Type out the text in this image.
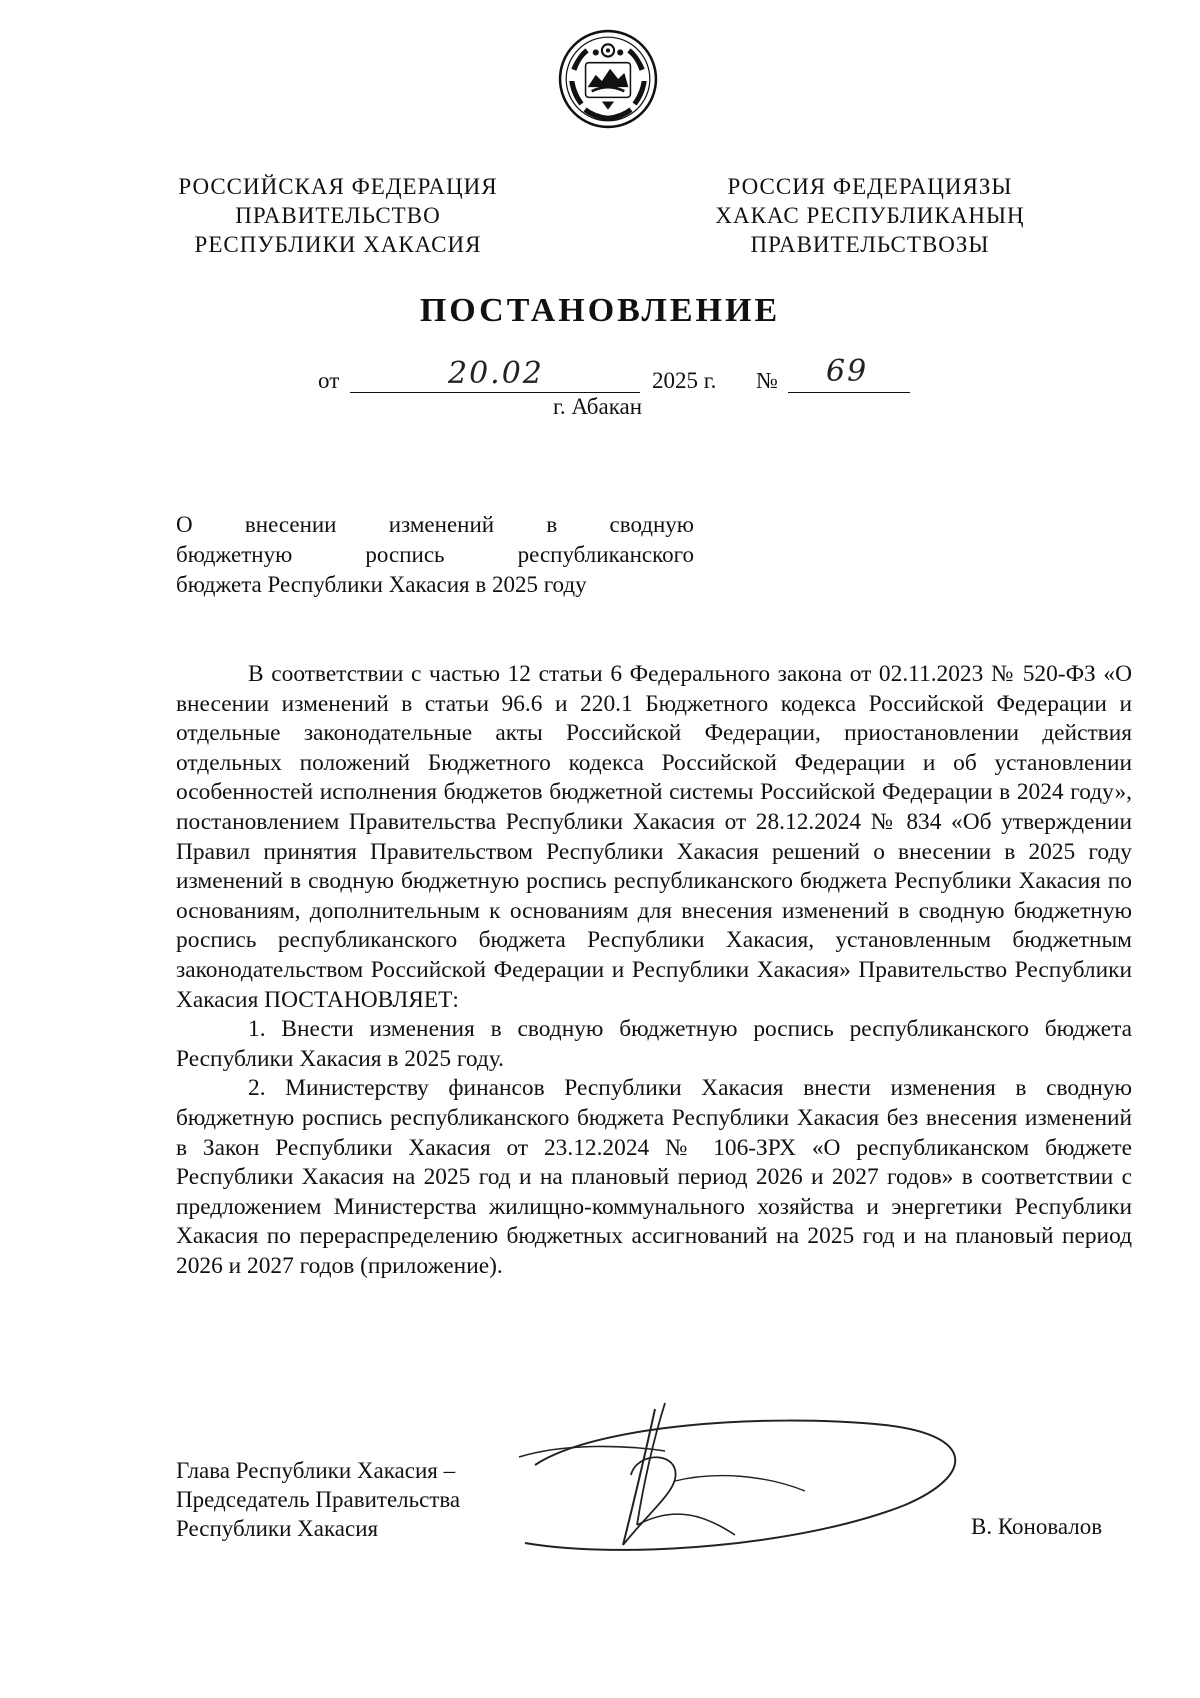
РОССИЙСКАЯ ФЕДЕРАЦИЯ
ПРАВИТЕЛЬСТВО
РЕСПУБЛИКИ ХАКАСИЯ
РОССИЯ ФЕДЕРАЦИЯЗЫ
ХАКАС РЕСПУБЛИКАНЫҢ
ПРАВИТЕЛЬСТВОЗЫ
ПОСТАНОВЛЕНИЕ
от	20.02	2025 г. № 69
г. Абакан

О внесении изменений в сводную

бюджетную роспись республиканского

бюджета Республики Хакасия в 2025 году

В соответствии с частью 12 статьи 6 Федерального закона от 02.11.2023 № 520-ФЗ «О внесении изменений в статьи 96.6 и 220.1 Бюджетного кодекса Российской Федерации и отдельные законодательные акты Российской Федерации, приостановлении действия отдельных положений Бюджетного кодекса Российской Федерации и об установлении особенностей исполнения бюджетов бюджетной системы Российской Федерации в 2024 году», постановлением Правительства Республики Хакасия от 28.12.2024 № 834 «Об утверждении Правил принятия Правительством Республики Хакасия решений о внесении в 2025 году изменений в сводную бюджетную роспись республиканского бюджета Республики Хакасия по основаниям, дополнительным к основаниям для внесения изменений в сводную бюджетную роспись республиканского бюджета Республики Хакасия, установленным бюджетным законодательством Российской Федерации и Республики Хакасия» Правительство Республики Хакасия ПОСТАНОВЛЯЕТ:

1. Внести изменения в сводную бюджетную роспись республиканского бюджета Республики Хакасия в 2025 году.

2. Министерству финансов Республики Хакасия внести изменения в сводную бюджетную роспись республиканского бюджета Республики Хакасия без внесения изменений в Закон Республики Хакасия от 23.12.2024 № 106-ЗРХ «О республиканском бюджете Республики Хакасия на 2025 год и на плановый период 2026 и 2027 годов» в соответствии с предложением Министерства жилищно-коммунального хозяйства и энергетики Республики Хакасия по перераспределению бюджетных ассигнований на 2025 год и на плановый период 2026 и 2027 годов (приложение).

Глава Республики Хакасия –
Председатель Правительства
Республики Хакасия	В. Коновалов
